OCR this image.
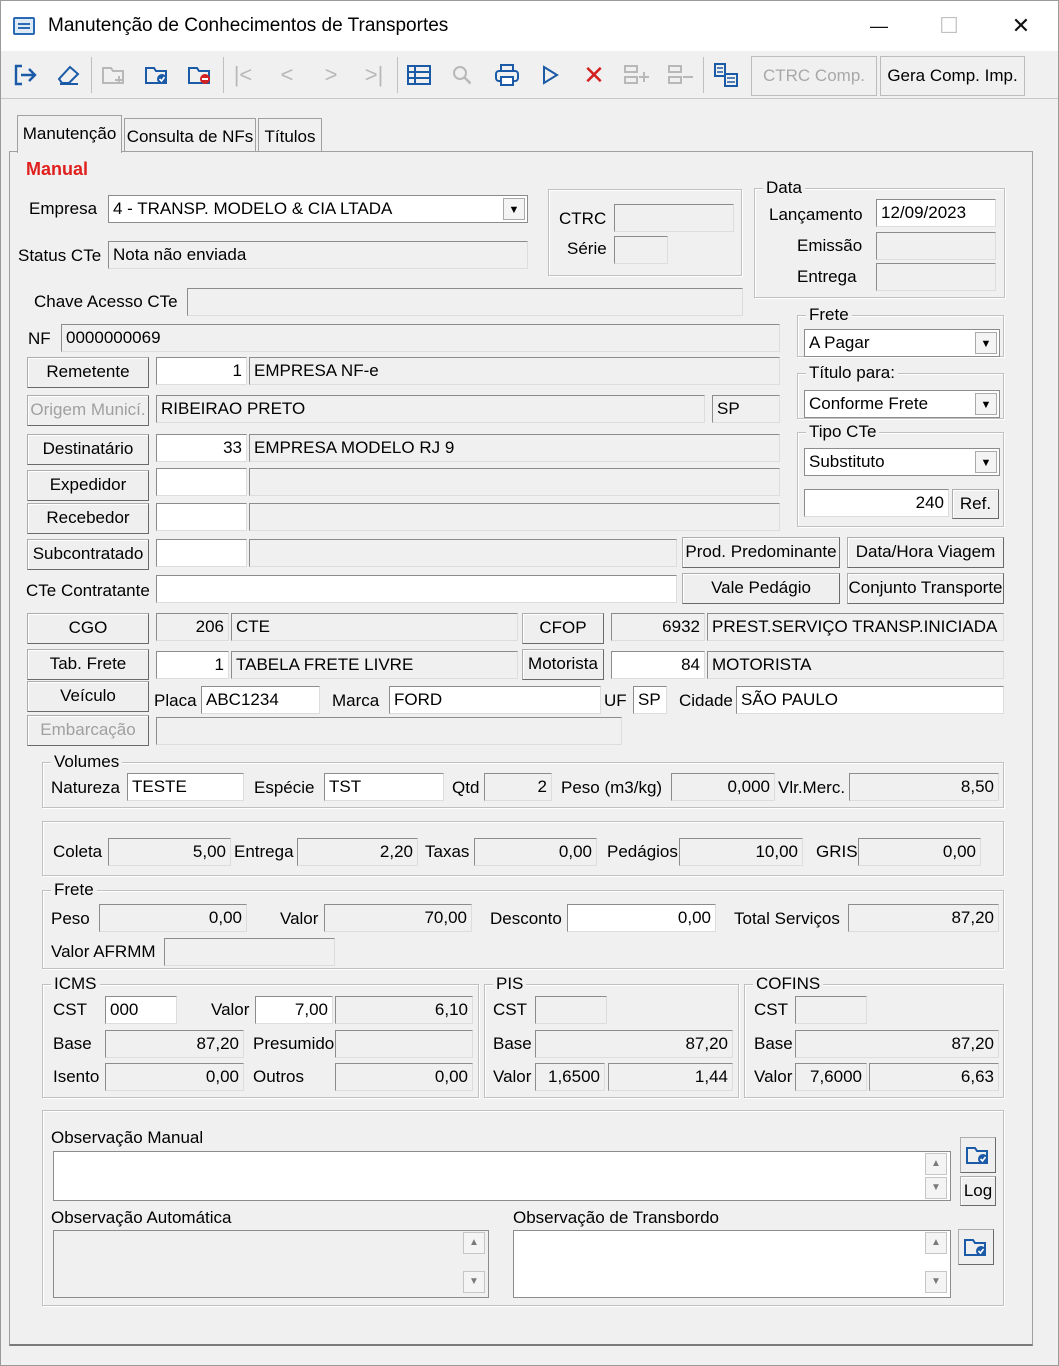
Manutenção de Conhecimentos de Transportes	—	☐	✕
|<	<	>	>|	✕	CTRC Comp.	Gera Comp. Imp.
Manutenção Consulta de NFs Títulos
Manual
Empresa 4 - TRANSP. MODELO & CIA LTADA	▼
Status CTe Nota não enviada
CTRC
Série
Data
Lançamento 12/09/2023
Emissão
Entrega
Chave Acesso CTe
NF 0000000069
Remetente	1 EMPRESA NF-e
Origem Municí. RIBEIRAO PRETO	SP
Destinatário	33 EMPRESA MODELO RJ 9
Expedidor
Recebedor
Subcontratado
CTe Contratante
Frete
A Pagar	▼
Título para:
Conforme Frete	▼
Tipo CTe
Substituto	▼
240 Ref.
Prod. Predominante	Data/Hora Viagem
Vale Pedágio	Conjunto Transporte
CGO	206 CTE	CFOP	6932 PREST.SERVIÇO TRANSP.INICIADA
Tab. Frete	1 TABELA FRETE LIVRE	Motorista	84 MOTORISTA
Veículo	Placa ABC1234	Marca FORD	UF SP	Cidade SÃO PAULO
Embarcação
Volumes
Natureza TESTE	Espécie TST	Qtd	2 Peso (m3/kg)	0,000 Vlr.Merc.	8,50
Coleta	5,00 Entrega	2,20 Taxas	0,00 Pedágios	10,00 GRIS	0,00
Frete
Peso	0,00 Valor	70,00 Desconto	0,00 Total Serviços	87,20
Valor AFRMM
ICMS
CST 000	Valor	7,00	6,10
Base	87,20 Presumido
Isento	0,00 Outros	0,00
PIS
CST
Base	87,20
Valor 1,6500	1,44
COFINS
CST
Base	87,20
Valor	7,6000	6,63
Observação Manual
▲
▼	Log
Observação Automática
▲
▼
Observação de Transbordo
▲
▼
